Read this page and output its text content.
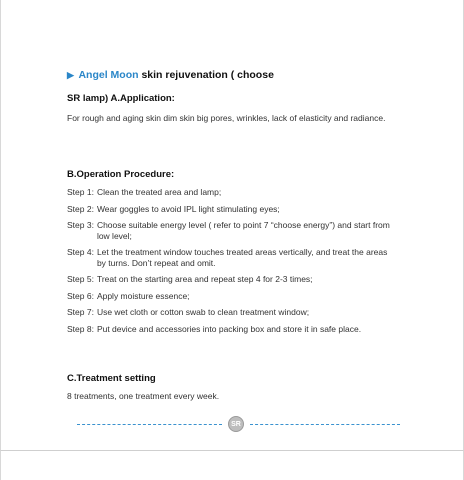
▶ Angel Moon skin rejuvenation ( choose
SR lamp) A.Application:
For rough and aging skin dim skin big pores, wrinkles, lack of elasticity and radiance.
B.Operation Procedure:
Step 1: Clean the treated area and lamp;
Step 2: Wear goggles to avoid IPL light stimulating eyes;
Step 3: Choose suitable energy level ( refer to point 7 “choose energy”) and start from low level;
Step 4: Let the treatment window touches treated areas vertically, and treat the areas by turns. Don’t repeat and omit.
Step 5: Treat on the starting area and repeat step 4 for 2-3 times;
Step 6: Apply moisture essence;
Step 7: Use wet cloth or cotton swab to clean treatment window;
Step 8: Put device and accessories into packing box and store it in safe place.
C.Treatment setting
8 treatments, one treatment every week.
SR
